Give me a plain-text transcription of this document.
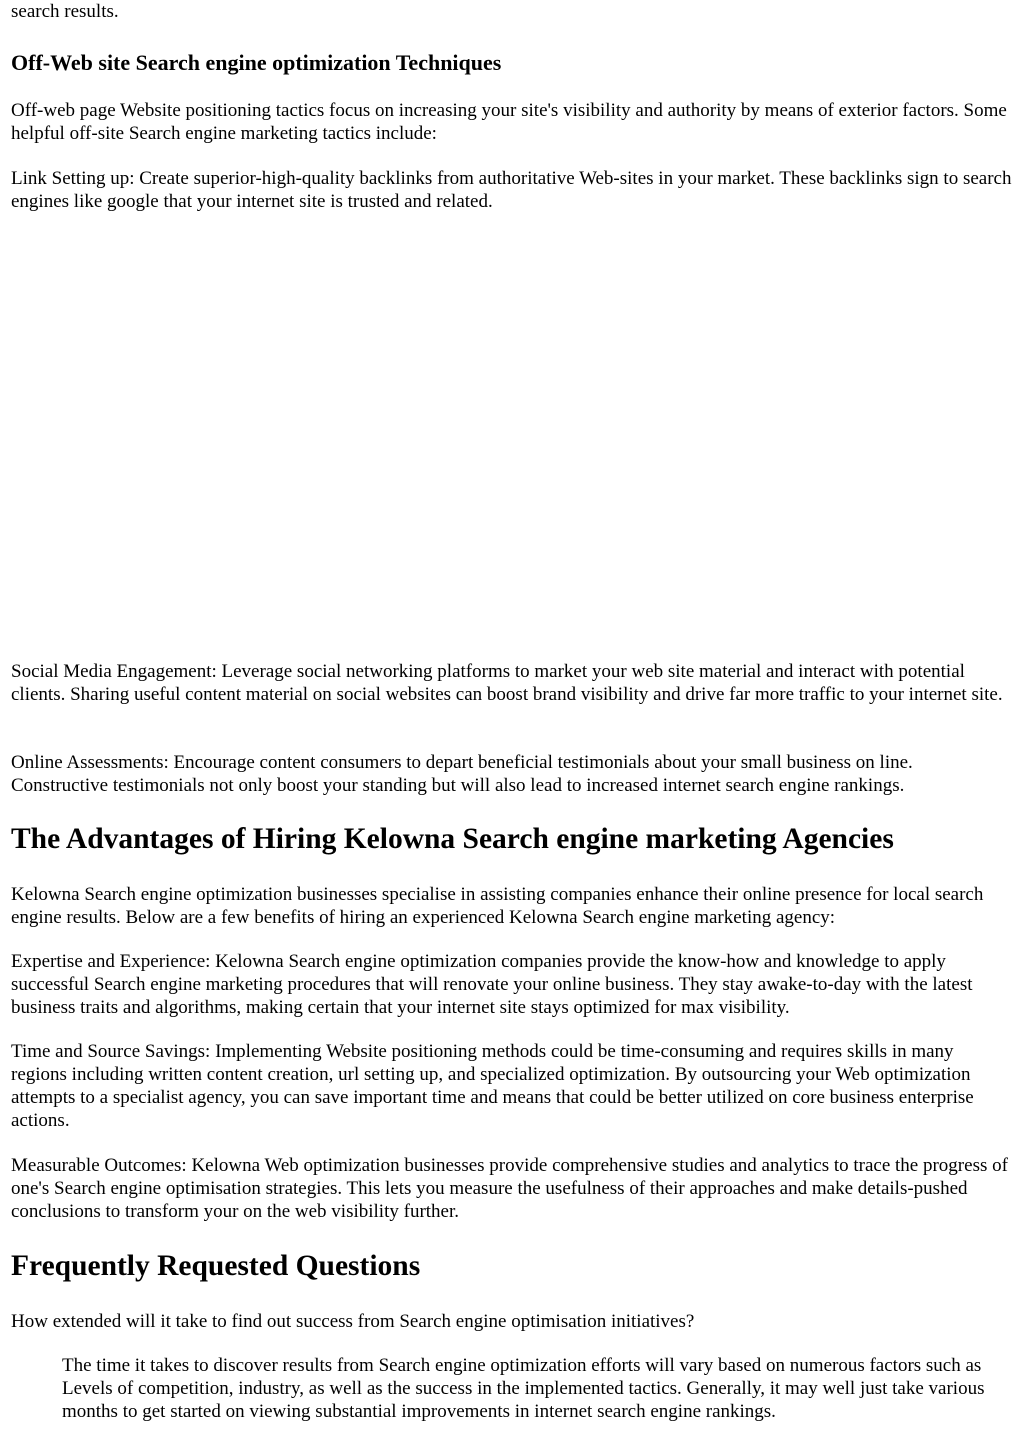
search results.

Off-Web site Search engine optimization Techniques

Off-web page Website positioning tactics focus on increasing your site's visibility and authority by means of exterior factors. Some helpful off-site Search engine marketing tactics include:

Link Setting up: Create superior-high-quality backlinks from authoritative Web-sites in your market. These backlinks sign to search engines like google that your internet site is trusted and related.

Social Media Engagement: Leverage social networking platforms to market your web site material and interact with potential clients. Sharing useful content material on social websites can boost brand visibility and drive far more traffic to your internet site.

Online Assessments: Encourage content consumers to depart beneficial testimonials about your small business on line. Constructive testimonials not only boost your standing but will also lead to increased internet search engine rankings.

The Advantages of Hiring Kelowna Search engine marketing Agencies

Kelowna Search engine optimization businesses specialise in assisting companies enhance their online presence for local search engine results. Below are a few benefits of hiring an experienced Kelowna Search engine marketing agency:

Expertise and Experience: Kelowna Search engine optimization companies provide the know-how and knowledge to apply successful Search engine marketing procedures that will renovate your online business. They stay awake-to-day with the latest business traits and algorithms, making certain that your internet site stays optimized for max visibility.

Time and Source Savings: Implementing Website positioning methods could be time-consuming and requires skills in many regions including written content creation, url setting up, and specialized optimization. By outsourcing your Web optimization attempts to a specialist agency, you can save important time and means that could be better utilized on core business enterprise actions.

Measurable Outcomes: Kelowna Web optimization businesses provide comprehensive studies and analytics to trace the progress of one's Search engine optimisation strategies. This lets you measure the usefulness of their approaches and make details-pushed conclusions to transform your on the web visibility further.

Frequently Requested Questions

How extended will it take to find out success from Search engine optimisation initiatives?

The time it takes to discover results from Search engine optimization efforts will vary based on numerous factors such as Levels of competition, industry, as well as the success in the implemented tactics. Generally, it may well just take various months to get started on viewing substantial improvements in internet search engine rankings.
